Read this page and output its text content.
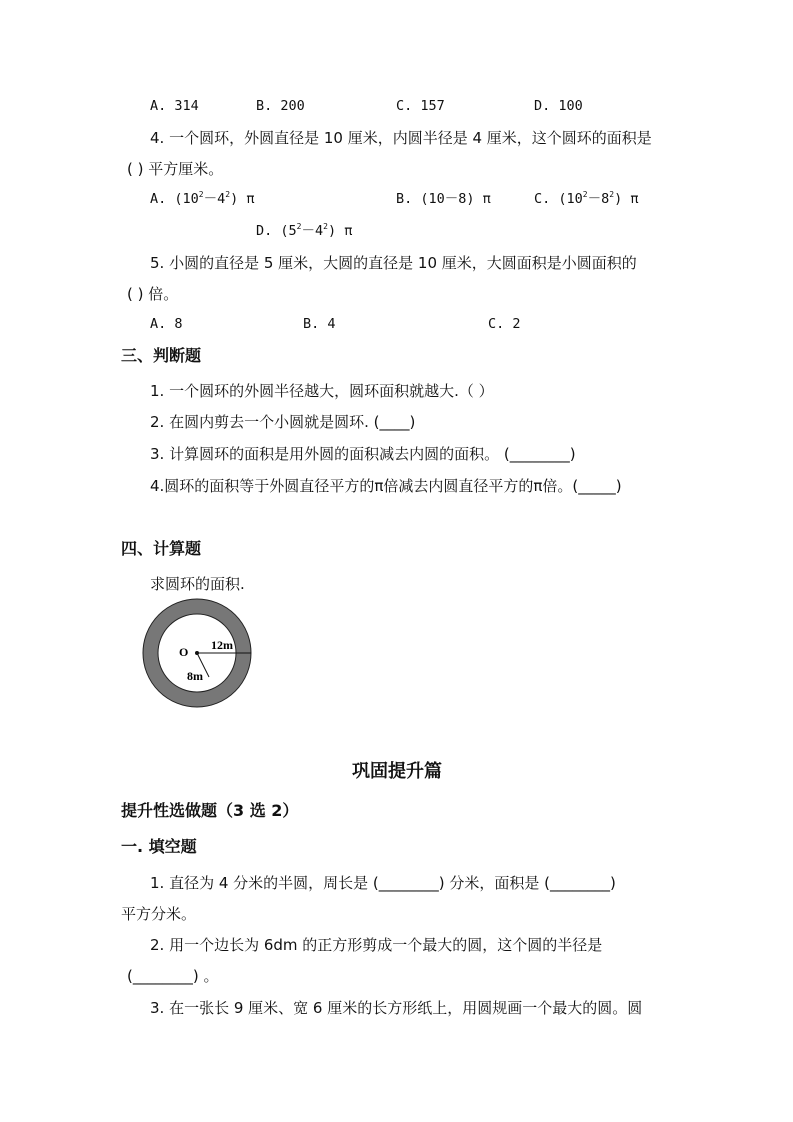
A. 314	B. 200	C. 157	D. 100
4. 一个圆环，外圆直径是 10 厘米，内圆半径是 4 厘米，这个圆环的面积是
( ) 平方厘米。
A. $(10^2-4^2)$ π	B. (10－8) π	C. $(10^2-8^2)$ π
D. $(5^2-4^2)$ π
5. 小圆的直径是 5 厘米，大圆的直径是 10 厘米，大圆面积是小圆面积的
( ) 倍。
A. 8	B. 4	C. 2
三、判断题
1. 一个圆环的外圆半径越大，圆环面积就越大.（ ）
2. 在圆内剪去一个小圆就是圆环. (____)
3. 计算圆环的面积是用外圆的面积减去内圆的面积。 (________)
4.圆环的面积等于外圆直径平方的π倍减去内圆直径平方的π倍。(_____)
四、计算题
求圆环的面积.
O 12m
8m
巩固提升篇
提升性选做题（3 选 2）
一. 填空题
1. 直径为 4 分米的半圆，周长是 (________) 分米，面积是 (________)
平方分米。
2. 用一个边长为 6dm 的正方形剪成一个最大的圆，这个圆的半径是
(________) 。
3. 在一张长 9 厘米、宽 6 厘米的长方形纸上，用圆规画一个最大的圆。圆
